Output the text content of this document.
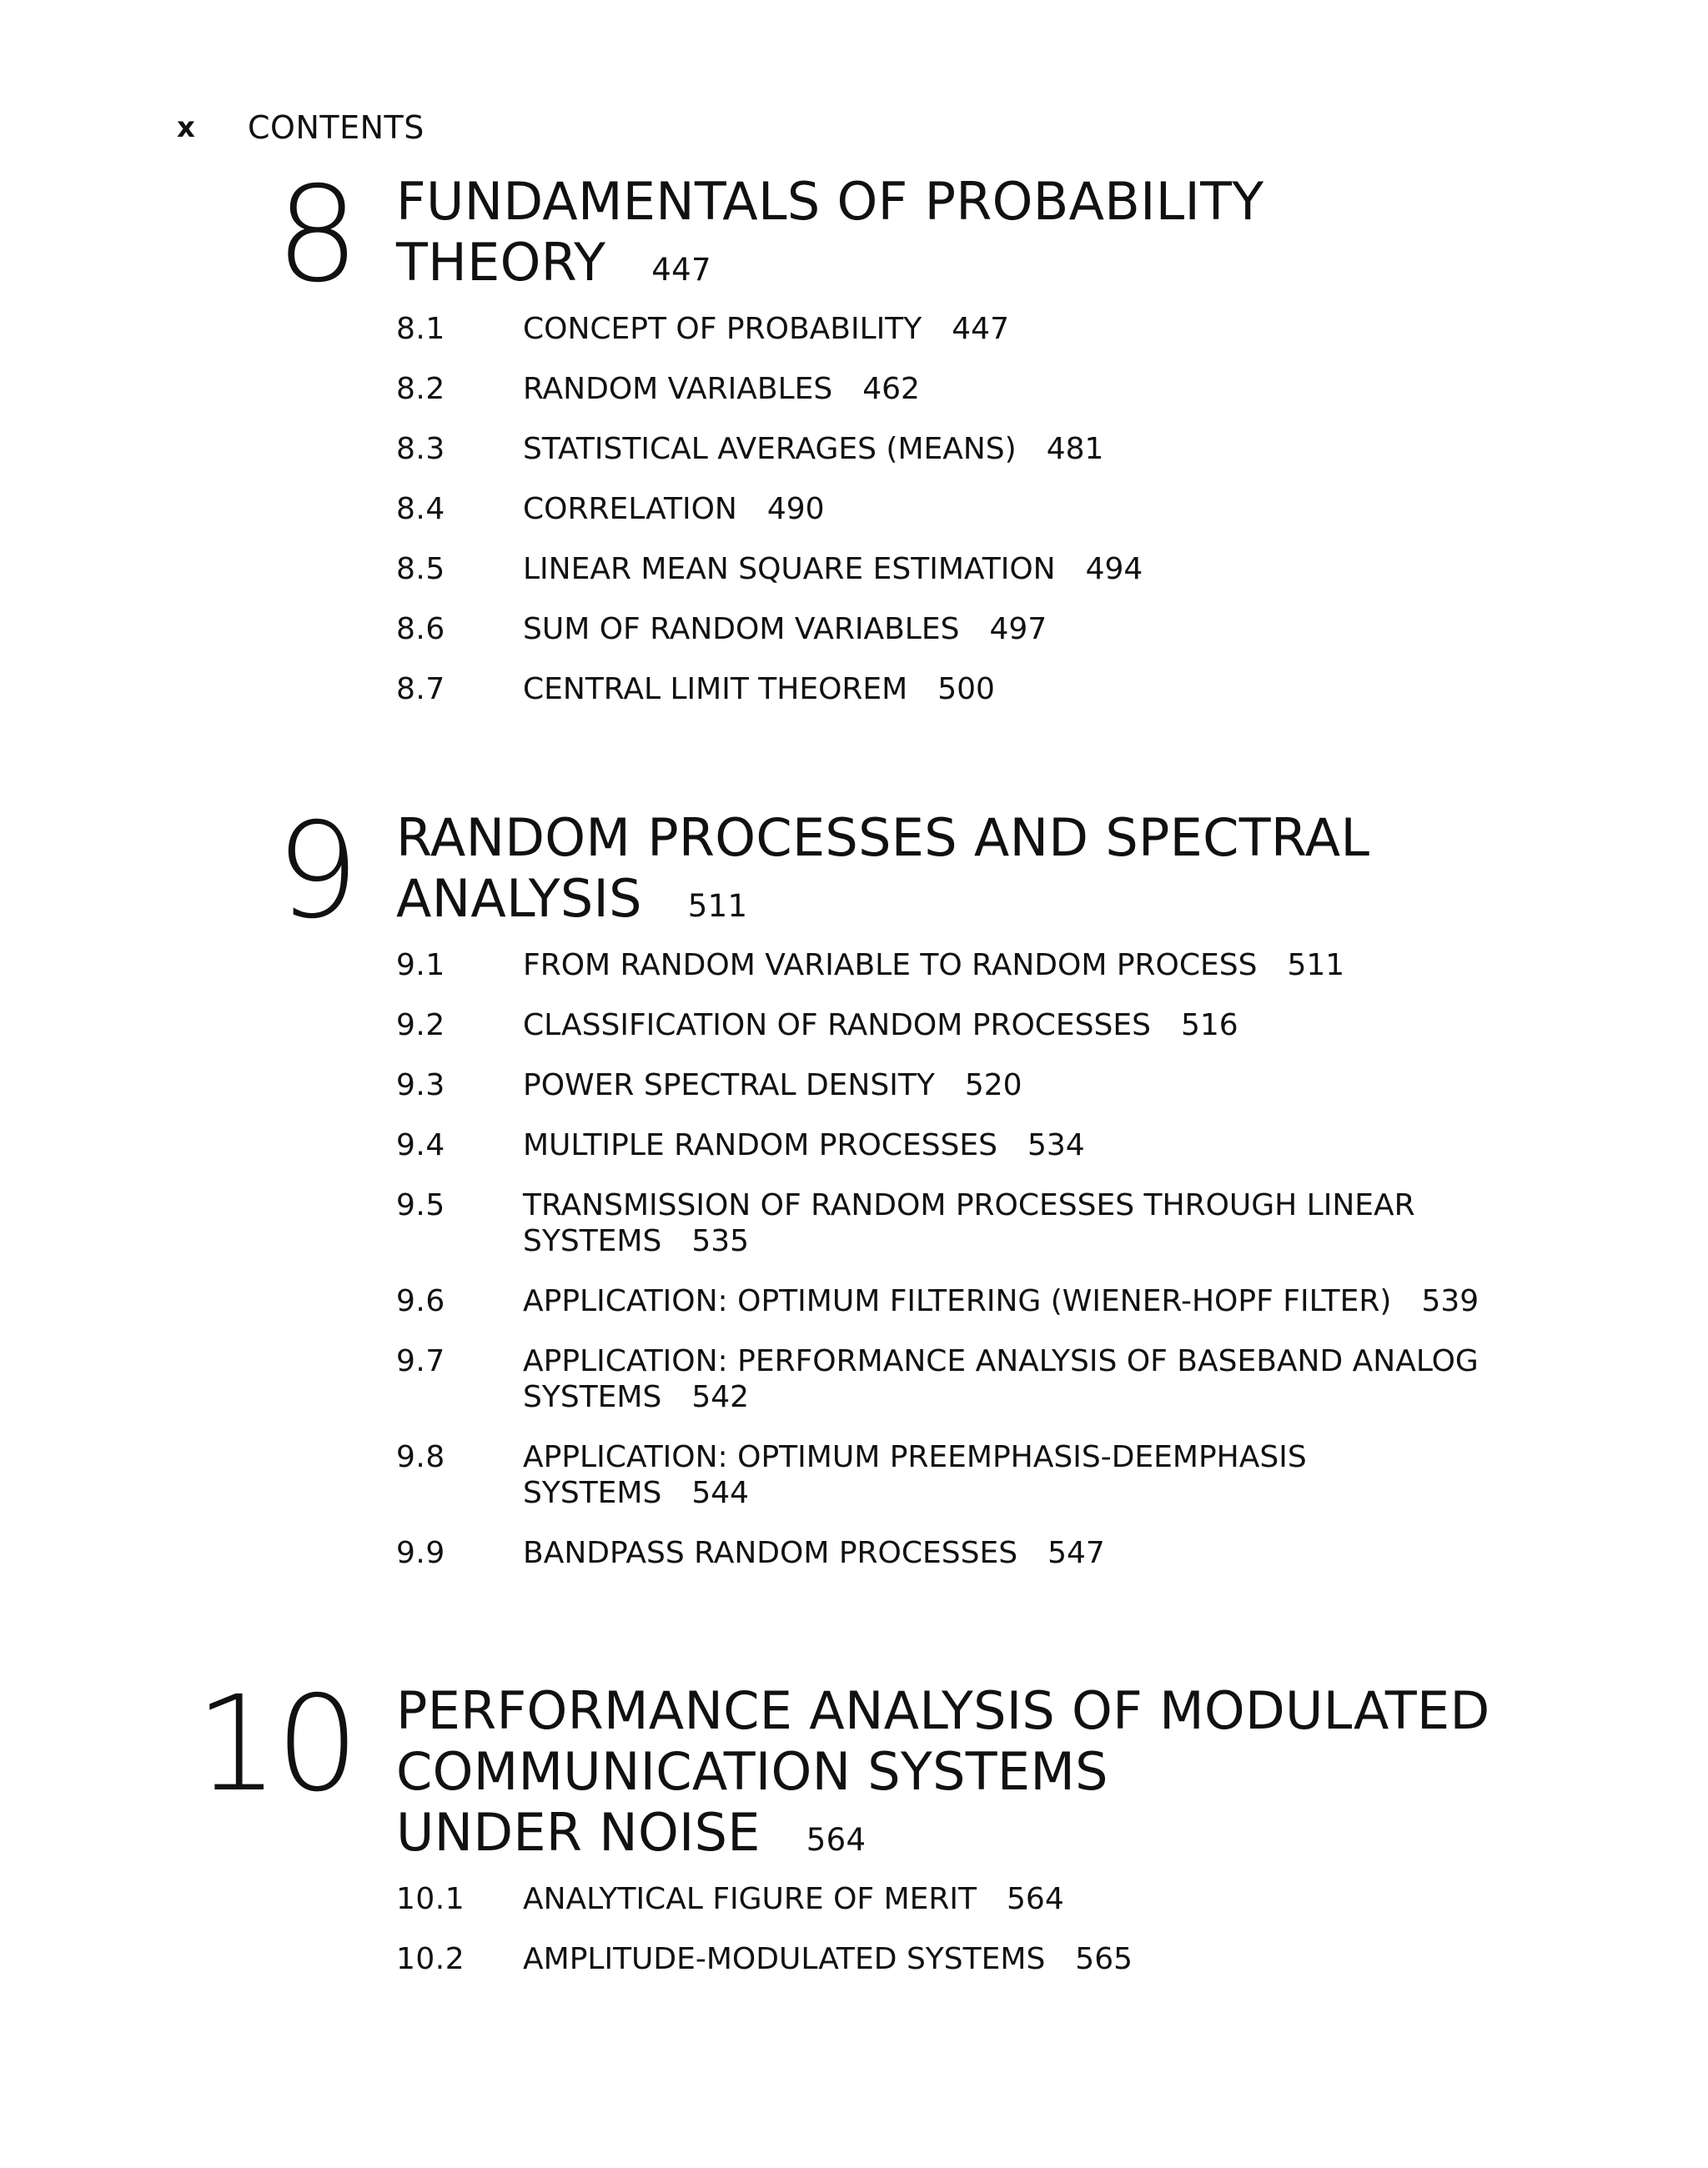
x	CONTENTS
8 FUNDAMENTALS OF PROBABILITY
THEORY 447
8.1	CONCEPT OF PROBABILITY 447
8.2	RANDOM VARIABLES 462
8.3	STATISTICAL AVERAGES (MEANS) 481
8.4	CORRELATION 490
8.5	LINEAR MEAN SQUARE ESTIMATION 494
8.6	SUM OF RANDOM VARIABLES 497
8.7	CENTRAL LIMIT THEOREM 500
9 RANDOM PROCESSES AND SPECTRAL
ANALYSIS 511
9.1	FROM RANDOM VARIABLE TO RANDOM PROCESS 511
9.2	CLASSIFICATION OF RANDOM PROCESSES 516
9.3	POWER SPECTRAL DENSITY 520
9.4	MULTIPLE RANDOM PROCESSES 534
9.5	TRANSMISSION OF RANDOM PROCESSES THROUGH LINEAR
SYSTEMS 535
9.6	APPLICATION: OPTIMUM FILTERING (WIENER-HOPF FILTER) 539
9.7	APPLICATION: PERFORMANCE ANALYSIS OF BASEBAND ANALOG
SYSTEMS 542
9.8	APPLICATION: OPTIMUM PREEMPHASIS-DEEMPHASIS
SYSTEMS 544
9.9	BANDPASS RANDOM PROCESSES 547
10 PERFORMANCE ANALYSIS OF MODULATED
COMMUNICATION SYSTEMS
UNDER NOISE 564
10.1	ANALYTICAL FIGURE OF MERIT 564
10.2	AMPLITUDE-MODULATED SYSTEMS 565
